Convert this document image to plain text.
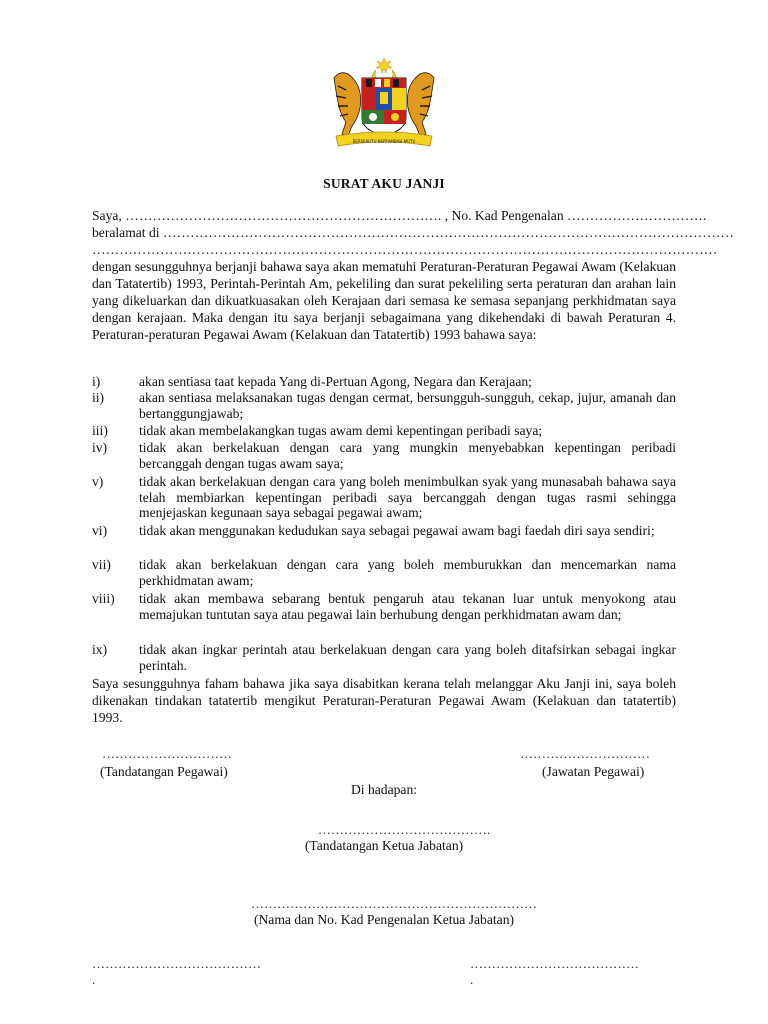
BERSEKUTU BERTAMBAH MUTU
SURAT AKU JANJI
Saya, ……………………………………………………………. , No. Kad Pengenalan ………………………….
beralamat di ………………………………………………………………………………………………………………
…………………………………………………………………………………………………………………………
dengan sesungguhnya berjanji bahawa saya akan mematuhi Peraturan-Peraturan Pegawai Awam (Kelakuan dan Tatatertib) 1993, Perintah-Perintah Am, pekeliling dan surat pekeliling serta peraturan dan arahan lain yang dikeluarkan dan dikuatkuasakan oleh Kerajaan dari semasa ke semasa sepanjang perkhidmatan saya dengan kerajaan. Maka dengan itu saya berjanji sebagaimana yang dikehendaki di bawah Peraturan 4. Peraturan-peraturan Pegawai Awam (Kelakuan dan Tatatertib) 1993 bahawa saya:
i)	akan sentiasa taat kepada Yang di-Pertuan Agong, Negara dan Kerajaan;
ii)	akan sentiasa melaksanakan tugas dengan cermat, bersungguh-sungguh, cekap, jujur, amanah dan bertanggungjawab;
iii)	tidak akan membelakangkan tugas awam demi kepentingan peribadi saya;
iv)	tidak akan berkelakuan dengan cara yang mungkin menyebabkan kepentingan peribadi bercanggah dengan tugas awam saya;
v)	tidak akan berkelakuan dengan cara yang boleh menimbulkan syak yang munasabah bahawa saya telah membiarkan kepentingan peribadi saya bercanggah dengan tugas rasmi sehingga menjejaskan kegunaan saya sebagai pegawai awam;
vi)	tidak akan menggunakan kedudukan saya sebagai pegawai awam bagi faedah diri saya sendiri;
vii)	tidak akan berkelakuan dengan cara yang boleh memburukkan dan mencemarkan nama perkhidmatan awam;
viii)	tidak akan membawa sebarang bentuk pengaruh atau tekanan luar untuk menyokong atau memajukan tuntutan saya atau pegawai lain berhubung dengan perkhidmatan awam dan;
ix)	tidak akan ingkar perintah atau berkelakuan dengan cara yang boleh ditafsirkan sebagai ingkar perintah.
Saya sesungguhnya faham bahawa jika saya disabitkan kerana telah melanggar Aku Janji ini, saya boleh dikenakan tindakan tatatertib mengikut Peraturan-Peraturan Pegawai Awam (Kelakuan dan tatatertib) 1993.
…………………………
(Tandatangan Pegawai)
…………………………
(Jawatan Pegawai)
Di hadapan:
………………………………….
(Tandatangan Ketua Jabatan)
…………………………………………………………
(Nama dan No. Kad Pengenalan Ketua Jabatan)
…………………………………
.
…………………………………
.
